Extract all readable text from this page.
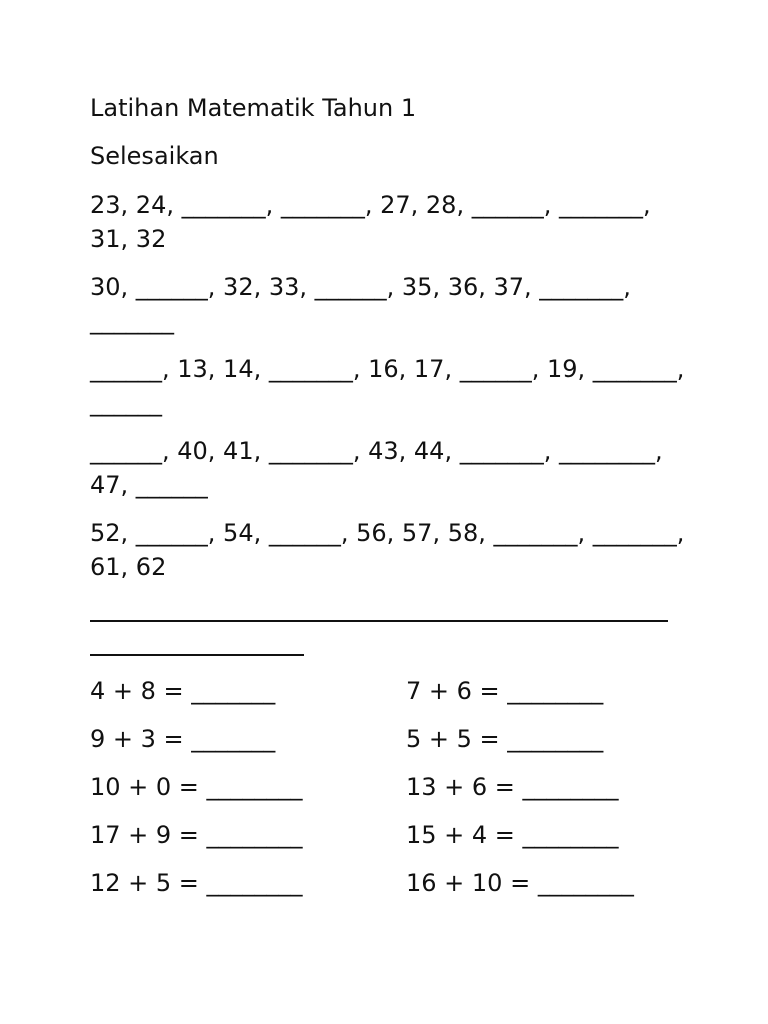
Latihan Matematik Tahun 1
Selesaikan
23, 24, _______, _______, 27, 28, ______, _______, 31, 32
30, ______, 32, 33, ______, 35, 36, 37, _______, _______
______, 13, 14, _______, 16, 17, ______, 19, _______, ______
______, 40, 41, _______, 43, 44, _______, ________, 47, ______
52, ______, 54, ______, 56, 57, 58, _______, _______, 61, 62
4 + 8 = _______	7 + 6 = ________
9 + 3 = _______	5 + 5 = ________
10 + 0 = ________	13 + 6 = ________
17 + 9 = ________	15 + 4 = ________
12 + 5 = ________	16 + 10 = ________
